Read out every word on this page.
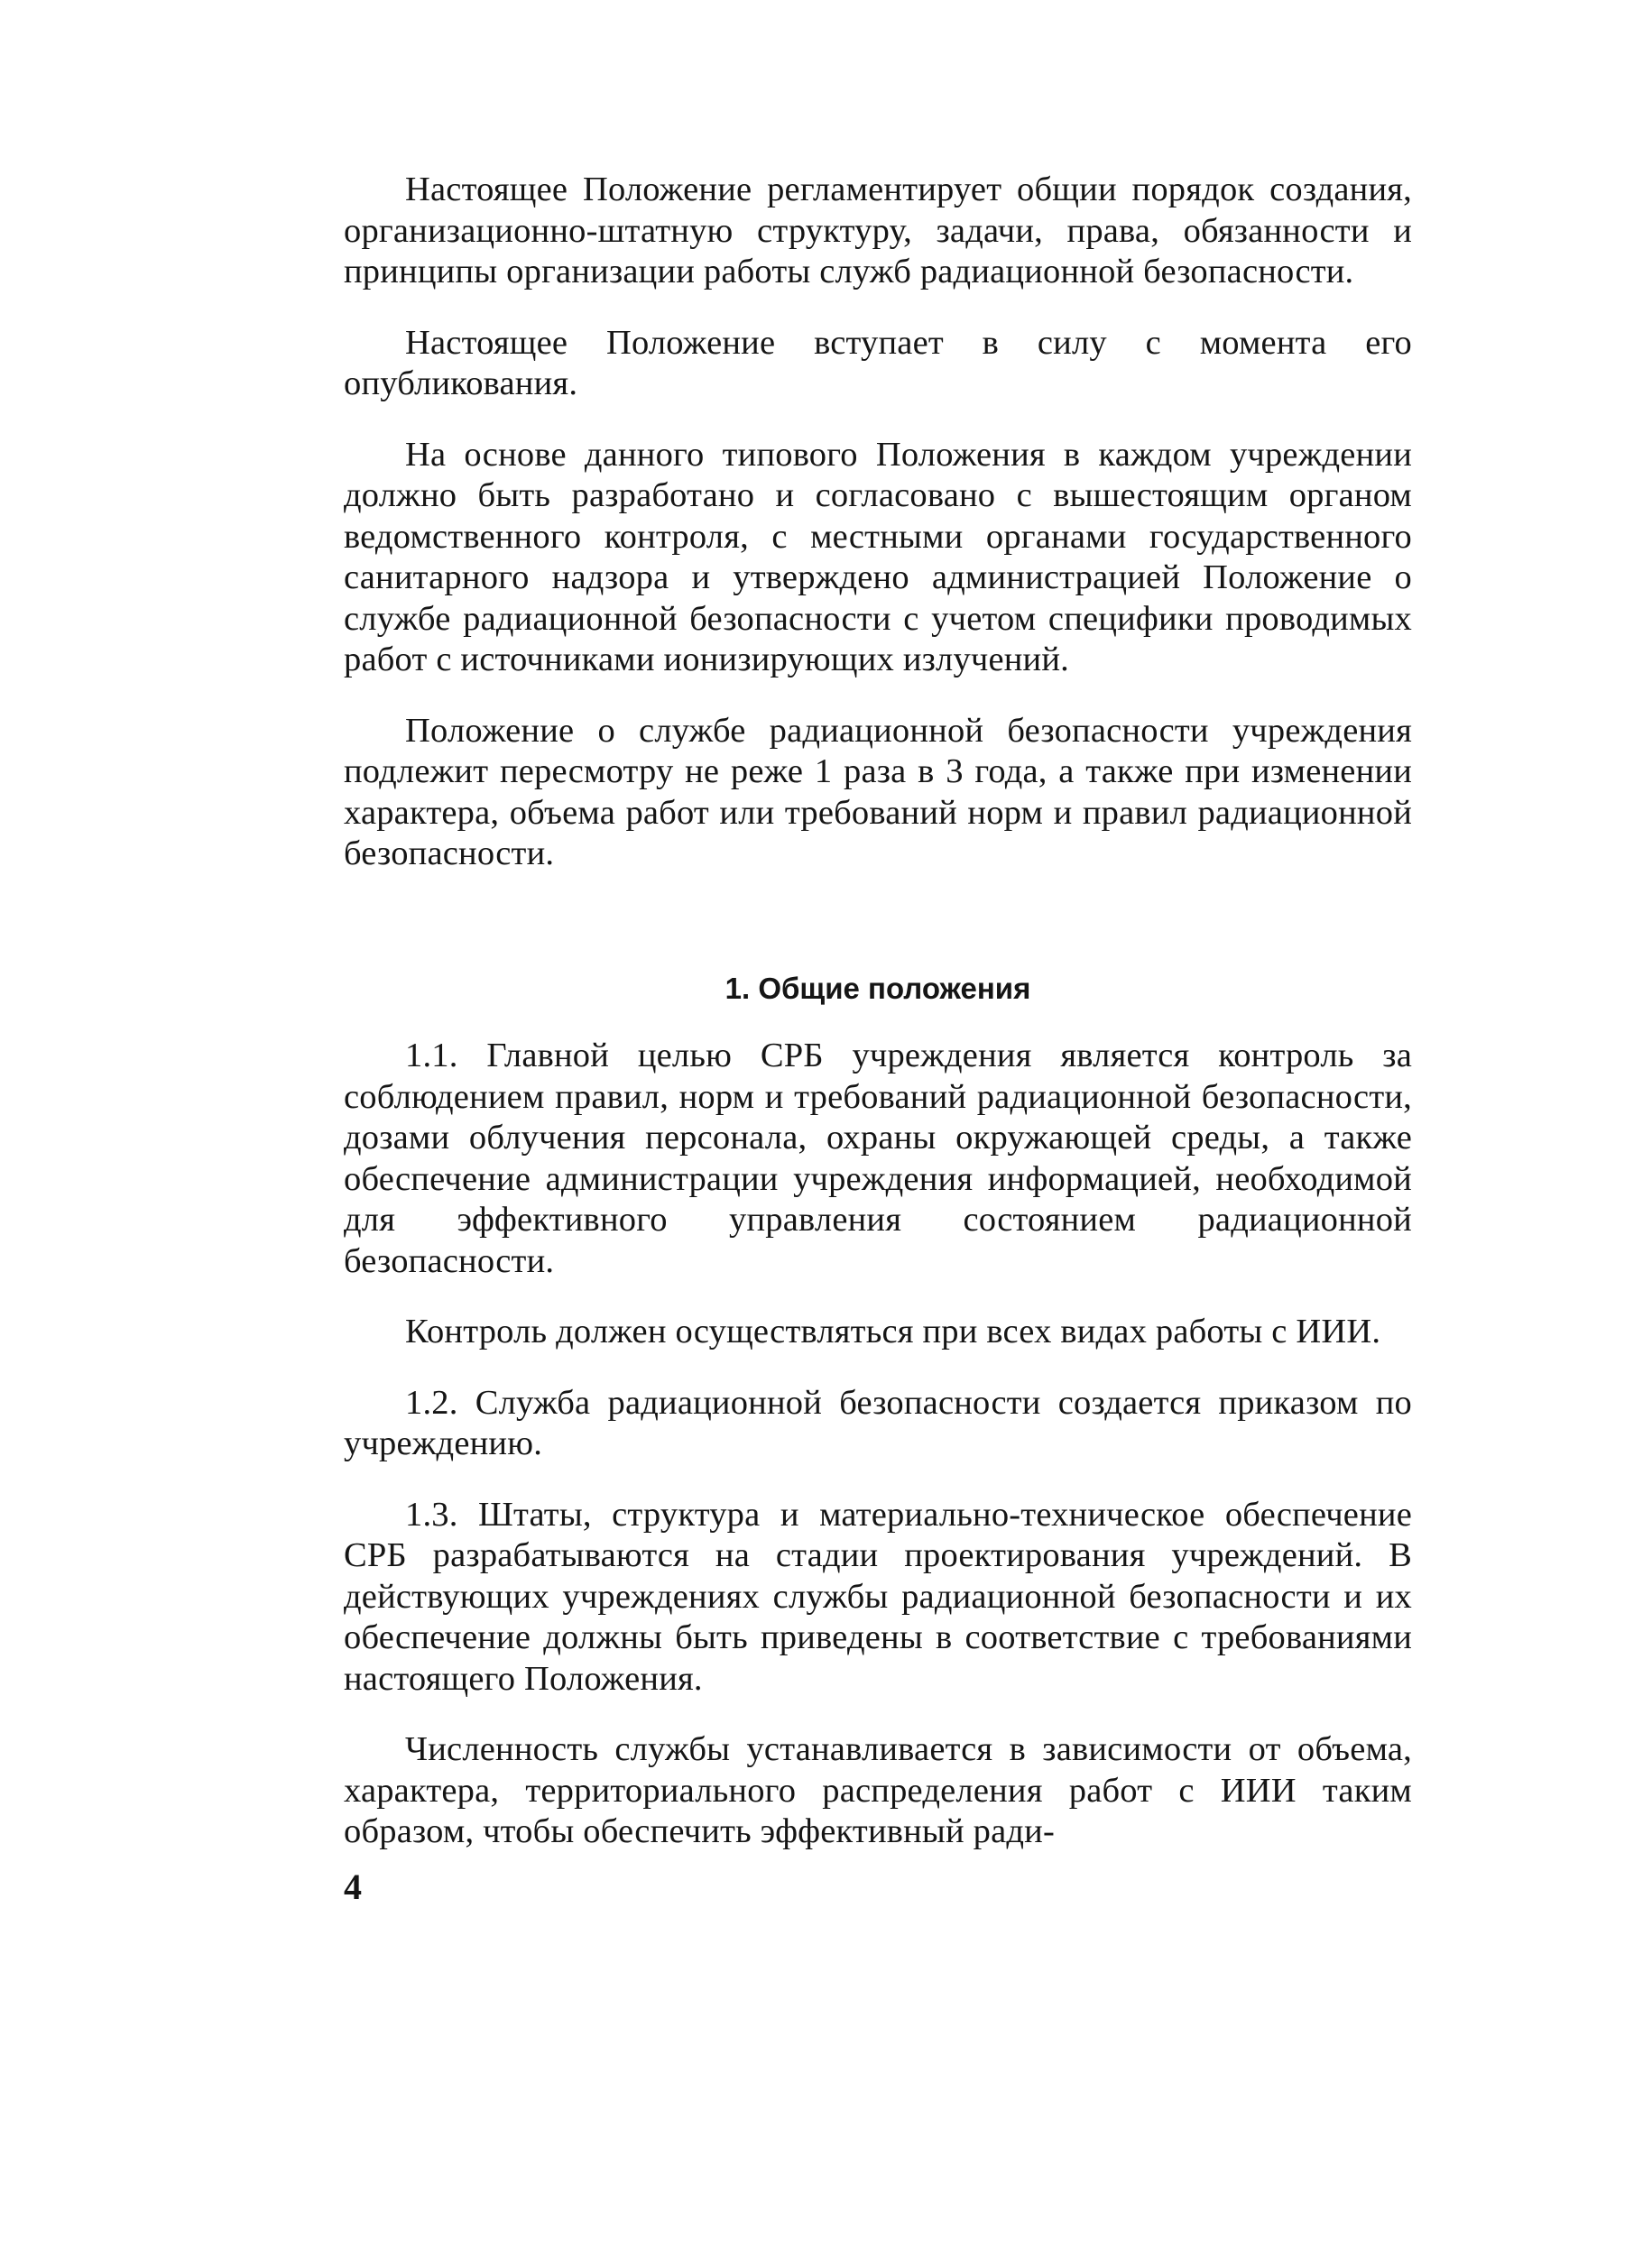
Настоящее Положение регламентирует общии порядок создания, организационно-штатную структуру, задачи, права, обязанности и принципы организации работы служб радиационной безопасности.

Настоящее Положение вступает в силу с момента его опубликования.

На основе данного типового Положения в каждом учреждении должно быть разработано и согласовано с вышестоящим органом ведомственного контроля, с местными органами государственного санитарного надзора и утверждено администрацией Положение о службе радиационной безопасности с учетом специфики проводимых работ с источниками ионизирующих излучений.

Положение о службе радиационной безопасности учреждения подлежит пересмотру не реже 1 раза в 3 года, а также при изменении характера, объема работ или требований норм и правил радиационной безопасности.

1. Общие положения

1.1. Главной целью СРБ учреждения является контроль за соблюдением правил, норм и требований радиационной безопасности, дозами облучения персонала, охраны окружающей среды, а также обеспечение администрации учреждения информацией, необходимой для эффективного управления состоянием радиационной безопасности.

Контроль должен осуществляться при всех видах работы с ИИИ.

1.2. Служба радиационной безопасности создается приказом по учреждению.

1.3. Штаты, структура и материально-техническое обеспечение СРБ разрабатываются на стадии проектирования учреждений. В действующих учреждениях службы радиационной безопасности и их обеспечение должны быть приведены в соответствие с требованиями настоящего Положения.

Численность службы устанавливается в зависимости от объема, характера, территориального распределения работ с ИИИ таким образом, чтобы обеспечить эффективный ради-

4
